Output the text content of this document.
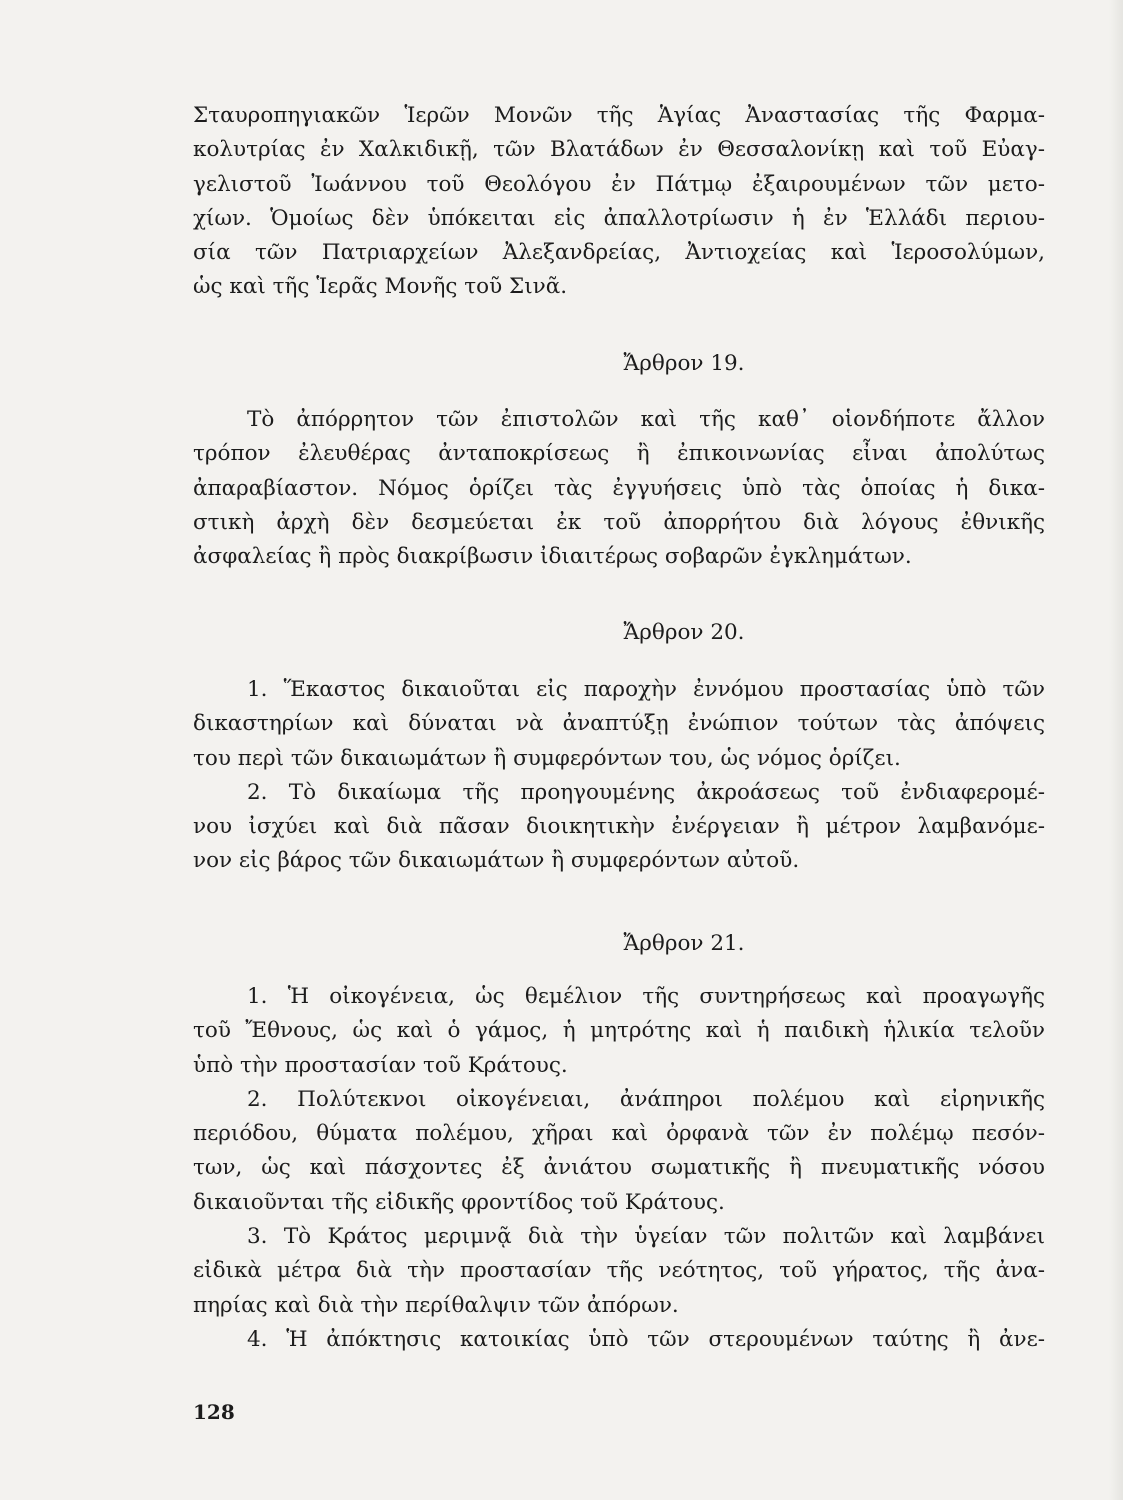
Σταυροπηγιακῶν Ἱερῶν Μονῶν τῆς Ἁγίας Ἀναστασίας τῆς Φαρμα-
κολυτρίας ἐν Χαλκιδικῇ, τῶν Βλατάδων ἐν Θεσσαλονίκῃ καὶ τοῦ Εὐαγ-
γελιστοῦ Ἰωάννου τοῦ Θεολόγου ἐν Πάτμῳ ἐξαιρουμένων τῶν μετο-
χίων. Ὁμοίως δὲν ὑπόκειται εἰς ἀπαλλοτρίωσιν ἡ ἐν Ἑλλάδι περιου-
σία τῶν Πατριαρχείων Ἀλεξανδρείας, Ἀντιοχείας καὶ Ἱεροσολύμων,
ὡς καὶ τῆς Ἱερᾶς Μονῆς τοῦ Σινᾶ.
Ἄρθρον 19.
Τὸ ἀπόρρητον τῶν ἐπιστολῶν καὶ τῆς καθ᾽ οἱονδήποτε ἄλλον
τρόπον ἐλευθέρας ἀνταποκρίσεως ἢ ἐπικοινωνίας εἶναι ἀπολύτως
ἀπαραβίαστον. Νόμος ὁρίζει τὰς ἐγγυήσεις ὑπὸ τὰς ὁποίας ἡ δικα-
στικὴ ἀρχὴ δὲν δεσμεύεται ἐκ τοῦ ἀπορρήτου διὰ λόγους ἐθνικῆς
ἀσφαλείας ἢ πρὸς διακρίβωσιν ἰδιαιτέρως σοβαρῶν ἐγκλημάτων.
Ἄρθρον 20.
1. Ἕκαστος δικαιοῦται εἰς παροχὴν ἐννόμου προστασίας ὑπὸ τῶν
δικαστηρίων καὶ δύναται νὰ ἀναπτύξῃ ἐνώπιον τούτων τὰς ἀπόψεις
του περὶ τῶν δικαιωμάτων ἢ συμφερόντων του, ὡς νόμος ὁρίζει.
2. Τὸ δικαίωμα τῆς προηγουμένης ἀκροάσεως τοῦ ἐνδιαφερομέ-
νου ἰσχύει καὶ διὰ πᾶσαν διοικητικὴν ἐνέργειαν ἢ μέτρον λαμβανόμε-
νον εἰς βάρος τῶν δικαιωμάτων ἢ συμφερόντων αὐτοῦ.
Ἄρθρον 21.
1. Ἡ οἰκογένεια, ὡς θεμέλιον τῆς συντηρήσεως καὶ προαγωγῆς
τοῦ Ἔθνους, ὡς καὶ ὁ γάμος, ἡ μητρότης καὶ ἡ παιδικὴ ἡλικία τελοῦν
ὑπὸ τὴν προστασίαν τοῦ Κράτους.
2. Πολύτεκνοι οἰκογένειαι, ἀνάπηροι πολέμου καὶ εἰρηνικῆς
περιόδου, θύματα πολέμου, χῆραι καὶ ὀρφανὰ τῶν ἐν πολέμῳ πεσόν-
των, ὡς καὶ πάσχοντες ἐξ ἀνιάτου σωματικῆς ἢ πνευματικῆς νόσου
δικαιοῦνται τῆς εἰδικῆς φροντίδος τοῦ Κράτους.
3. Τὸ Κράτος μεριμνᾷ διὰ τὴν ὑγείαν τῶν πολιτῶν καὶ λαμβάνει
εἰδικὰ μέτρα διὰ τὴν προστασίαν τῆς νεότητος, τοῦ γήρατος, τῆς ἀνα-
πηρίας καὶ διὰ τὴν περίθαλψιν τῶν ἀπόρων.
4. Ἡ ἀπόκτησις κατοικίας ὑπὸ τῶν στερουμένων ταύτης ἢ ἀνε-
128
